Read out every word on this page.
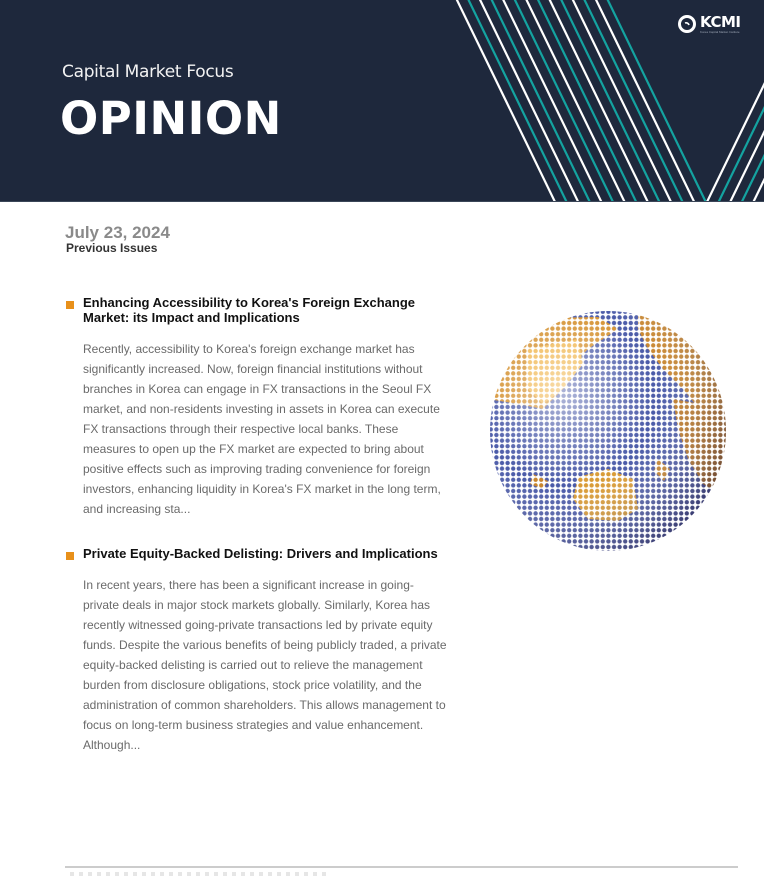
Capital Market Focus
OPINION
KCMI
Korea Capital Market Institute
July 23, 2024
Previous Issues
Enhancing Accessibility to Korea's Foreign Exchange Market: its Impact and Implications

Recently, accessibility to Korea's foreign exchange market has significantly increased. Now, foreign financial institutions without branches in Korea can engage in FX transactions in the Seoul FX market, and non-residents investing in assets in Korea can execute FX transactions through their respective local banks. These measures to open up the FX market are expected to bring about positive effects such as improving trading convenience for foreign investors, enhancing liquidity in Korea's FX market in the long term, and increasing sta...

Private Equity-Backed Delisting: Drivers and Implications

In recent years, there has been a significant increase in going-private deals in major stock markets globally. Similarly, Korea has recently witnessed going-private transactions led by private equity funds. Despite the various benefits of being publicly traded, a private equity-backed delisting is carried out to relieve the management burden from disclosure obligations, stock price volatility, and the administration of common shareholders. This allows management to focus on long-term business strategies and value enhancement. Although...
